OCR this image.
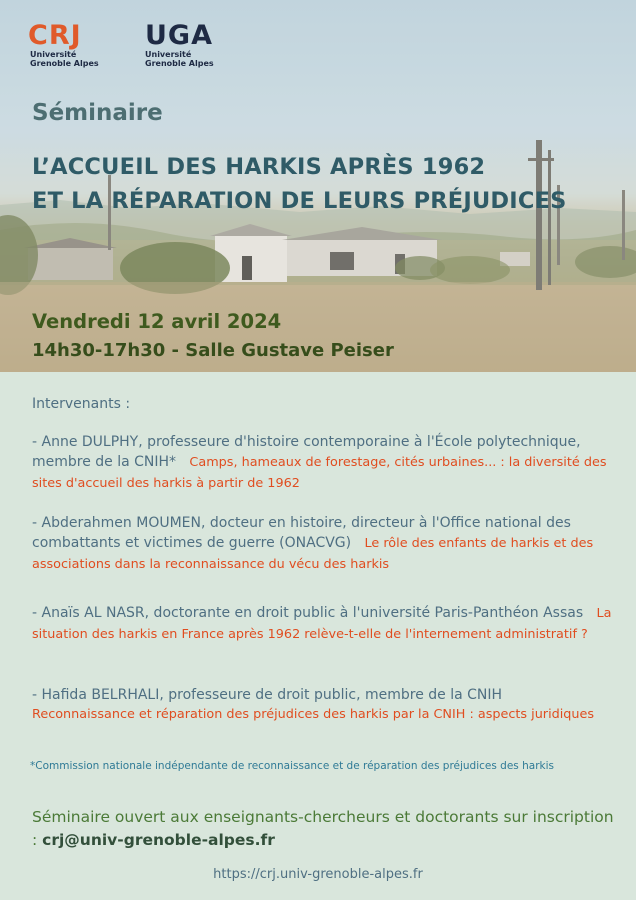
CRJ
Université
Grenoble Alpes
UGA
Université
Grenoble Alpes
Séminaire
L’ACCUEIL DES HARKIS APRÈS 1962
ET LA RÉPARATION DE LEURS PRÉJUDICES
Vendredi 12 avril 2024
14h30-17h30 - Salle Gustave Peiser
Intervenants :
- Anne DULPHY, professeure d'histoire contemporaine à l'École polytechnique, membre de la CNIH* Camps, hameaux de forestage, cités urbaines... : la diversité des sites d'accueil des harkis à partir de 1962
- Abderahmen MOUMEN, docteur en histoire, directeur à l'Office national des combattants et victimes de guerre (ONACVG) Le rôle des enfants de harkis et des associations dans la reconnaissance du vécu des harkis
- Anaïs AL NASR, doctorante en droit public à l'université Paris-Panthéon Assas La situation des harkis en France après 1962 relève-t-elle de l'internement administratif ?
- Hafida BELRHALI, professeure de droit public, membre de la CNIH
Reconnaissance et réparation des préjudices des harkis par la CNIH : aspects juridiques
*Commission nationale indépendante de reconnaissance et de réparation des préjudices des harkis
Séminaire ouvert aux enseignants-chercheurs et doctorants sur inscription : crj@univ-grenoble-alpes.fr
https://crj.univ-grenoble-alpes.fr
